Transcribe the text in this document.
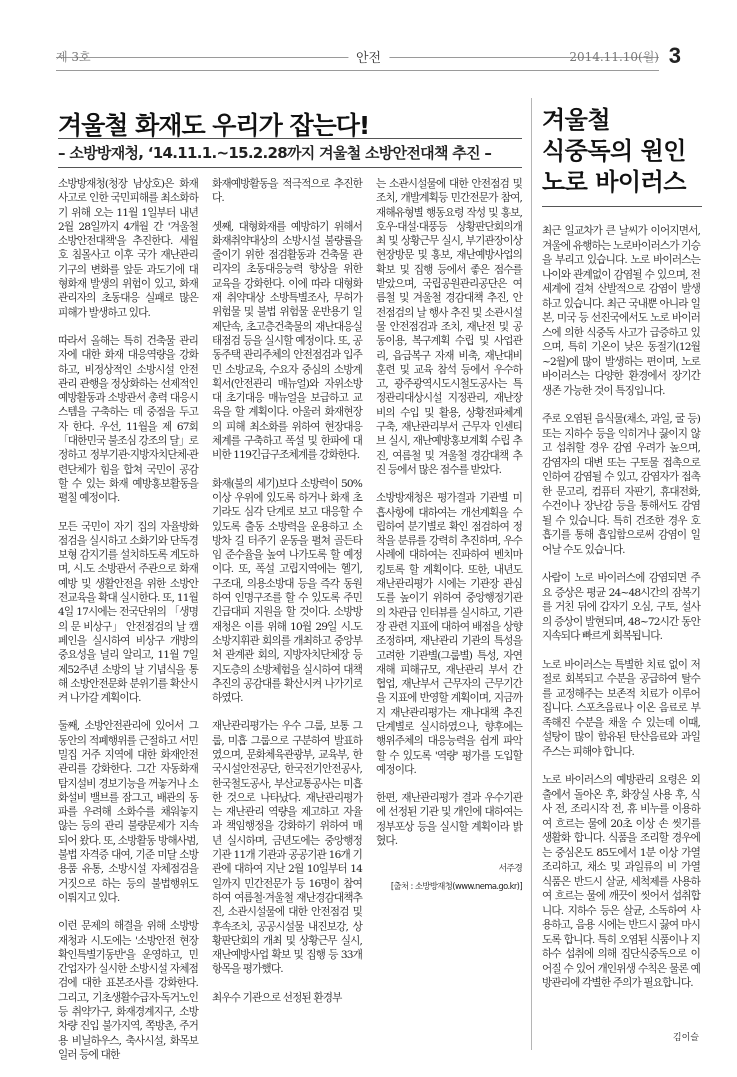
제 3호	안전	2014.11.10(월) 3
겨울철 화재도 우리가 잡는다!
– 소방방재청, ‘14.11.1.~15.2.28까지 겨울철 소방안전대책 추진 –

소방방재청(청장 남상호)은 화재 사고로 인한 국민피해를 최소화하기 위해 오는 11월 1일부터 내년 2월 28일까지 4개월 간 '겨울철 소방안전대책'을 추진한다. 세월호 침몰사고 이후 국가 재난관리기구의 변화를 앞둔 과도기에 대형화재 발생의 위험이 있고, 화재 관리자의 초동대응 실패로 많은 피해가 발생하고 있다.

따라서 올해는 특히 건축물 관리자에 대한 화재 대응역량을 강화하고, 비정상적인 소방시설 안전관리 관행을 정상화하는 선제적인 예방활동과 소방관서 총력 대응시스템을 구축하는 데 중점을 두고자 한다. 우선, 11월을 제 67회 「대한민국 불조심 강조의 달」로 정하고 정부기관·지방자치단체·관련단체가 힘을 합쳐 국민이 공감할 수 있는 화재 예방홍보활동을 펼칠 예정이다.

모든 국민이 자기 집의 자율방화점검을 실시하고 소화기와 단독경보형 감지기를 설치하도록 계도하며, 시.도 소방관서 주관으로 화재예방 및 생활안전을 위한 소방안전교육을 확대 실시한다. 또, 11월 4일 17시에는 전국단위의 「생명의 문 비상구」 안전점검의 날 캠페인을 실시하여 비상구 개방의 중요성을 널리 알리고, 11월 7일 제52주년 소방의 날 기념식을 통해 소방안전문화 분위기를 확산시켜 나가갈 계획이다.

둘째, 소방안전관리에 있어서 그동안의 적폐행위를 근절하고 서민 밀집 거주 지역에 대한 화재안전관리를 강화한다. 그간 자동화재탐지설비 경보기능을 꺼놓거나 소화설비 밸브를 잠그고, 배관의 동파를 우려해 소화수를 채워놓지 않는 등의 관리 불량문제가 지속되어 왔다. 또, 소방활동 방해사범, 불법 자격증 대여, 기준 미달 소방용품 유통, 소방시설 자체점검을 거짓으로 하는 등의 불법행위도 이뤄지고 있다.

이런 문제의 해결을 위해 소방방재청과 시.도에는 '소방안전 현장확인특별기동반'을 운영하고, 민간업자가 실시한 소방시설 자체점검에 대한 표본조사를 강화한다. 그리고, 기초생활수급자·독거노인 등 취약가구, 화재경계지구, 소방차량 진입 불가지역, 쪽방촌, 주거용 비닐하우스, 축사시설, 화목보일러 등에 대한

화재예방활동을 적극적으로 추진한다.

셋째, 대형화재를 예방하기 위해서 화재취약대상의 소방시설 불량률을 줄이기 위한 점검활동과 건축물 관리자의 초동대응능력 향상을 위한 교육을 강화한다. 이에 따라 대형화재 취약대상 소방특별조사, 무허가 위험물 및 불법 위험물 운반용기 일제단속, 초고층건축물의 재난대응실태점검 등을 실시할 예정이다. 또, 공동주택 관리주체의 안전점검과 입주민 소방교육, 수요자 중심의 소방계획서(안전관리 매뉴얼)와 자위소방대 초기대응 매뉴얼을 보급하고 교육을 할 계획이다. 아울러 화재현장의 피해 최소화를 위하여 현장대응체계를 구축하고 폭설 및 한파에 대비한 119긴급구조체계를 강화한다.

화재(불의 세기)보다 소방력이 50%이상 우위에 있도록 하거나 화재 초기라도 심각 단계로 보고 대응할 수 있도록 출동 소방력을 운용하고 소방차 길 터주기 운동을 펼쳐 골든타임 준수율을 높여 나가도록 할 예정이다. 또, 폭설 고립지역에는 헬기, 구조대, 의용소방대 등을 즉각 동원하여 인명구조를 할 수 있도록 주민긴급대피 지원을 할 것이다. 소방방재청은 이를 위해 10월 29일 시.도 소방지휘관 회의를 개최하고 중앙부처 관계관 회의, 지방자치단체장 등 지도층의 소방체험을 실시하여 대책추진의 공감대를 확산시켜 나가기로 하였다.

재난관리평가는 우수 그룹, 보통 그룹, 미흡 그룹으로 구분하여 발표하였으며, 문화체육관광부, 교육부, 한국시설안전공단, 한국전기안전공사, 한국철도공사, 부산교통공사는 미흡한 것으로 나타났다. 재난관리평가는 재난관리 역량을 제고하고 자율과 책임행정을 강화하기 위하여 매년 실시하며, 금년도에는 중앙행정기관 11개 기관과 공공기관 16개 기관에 대하여 지난 2월 10일부터 14일까지 민간전문가 등 16명이 참여하여 여름철·겨울철 재난경감대책추진, 소관시설물에 대한 안전점검 및 후속조치, 공공시설물 내진보강, 상황판단회의 개최 및 상황근무 실시, 재난예방사업 확보 및 집행 등 33개 항목을 평가했다.

최우수 기관으로 선정된 환경부

는 소관시설물에 대한 안전점검 및 조치, 개발계획등 민간전문가 참여, 재해유형별 행동요령 작성 및 홍보, 호우·대설·대풍등 상황판단회의개최 및 상황근무 실시, 부기관장이상 현장방문 및 홍보, 재난예방사업의 확보 및 집행 등에서 좋은 점수를 받았으며, 국립공원관리공단은 여름철 및 겨울철 경감대책 추진, 안전점검의 날 행사 추진 및 소관시설물 안전점검과 조치, 재난전 및 공동이용, 복구계획 수립 및 사업관리, 읍급복구 자재 비축, 재난대비 훈련 및 교육 참석 등에서 우수하고, 광주광역시도시철도공사는 특정관리대상시설 지정관리, 재난장비의 수입 및 활용, 상황전파체계 구축, 재난관리부서 근무자 인센티브 실시, 재난예방홍보계획 수립 추진, 여름철 및 겨울철 경감대책 추진 등에서 많은 점수를 받았다.

소방방재청은 평가결과 기관별 미흡사항에 대하여는 개선계획을 수립하여 분기별로 확인 점검하여 정착을 분류를 강력히 추진하며, 우수 사례에 대하여는 진파하여 벤치마킹토록 할 계획이다. 또한, 내년도 재난관리평가 시에는 기관장 관심도를 높이기 위하여 중앙행정기관의 차관급 인터뷰를 실시하고, 기관장 관련 지표에 대하여 배점을 상향 조정하며, 재난관리 기관의 특성을 고려한 기관별(그룹별) 특성, 자연재해 피해규모, 재난관리 부서 간 협업, 재난부서 근무자의 근무기간을 지표에 반영할 계획이며, 지금까지 재난관리평가는 재나대책 추진 단계별로 실시하였으나, 향후에는 행위주체의 대응능력을 쉽게 파악할 수 있도록 '역량' 평가를 도입할 예정이다.

한편, 재난관리평가 결과 우수기관에 선정된 기관 및 개인에 대하여는 정부포상 등을 실시할 계획이라 밝혔다.

서주경
[출처 : 소방방재청(www.nema.go.kr)]
겨울철
식중독의 원인
노로 바이러스

최근 일교차가 큰 날씨가 이어지면서, 겨울에 유행하는 노로바이러스가 기승을 부리고 있습니다. 노로 바이러스는 나이와 관계없이 감염될 수 있으며, 전세계에 걸쳐 산발적으로 감염이 발생하고 있습니다. 최근 국내뿐 아니라 일본, 미국 등 선진국에서도 노로 바이러스에 의한 식중독 사고가 급증하고 있으며, 특히 기온이 낮은 동절기(12월~2월)에 많이 발생하는 편이며, 노로 바이러스는 다양한 환경에서 장기간 생존 가능한 것이 특징입니다.

주로 오염된 음식물(채소, 과일, 굴 등) 또는 지하수 등을 익히거나 끓이지 않고 섭취할 경우 감염 우려가 높으며, 감염자의 대변 또는 구토물 접촉으로 인하여 감염될 수 있고, 감염자가 접촉한 문고리, 컴퓨터 자판기, 휴대전화, 수건이나 장난감 등을 통해서도 감염될 수 있습니다. 특히 건조한 경우 호흡기를 통해 흡입함으로써 감염이 일어날 수도 있습니다.

사람이 노로 바이러스에 감염되면 주요 증상은 평균 24~48시간의 잠복기를 거친 뒤에 갑자기 오심, 구토, 설사의 증상이 발현되며, 48~72시간 동안 지속되다 빠르게 회복됩니다.

노로 바이러스는 특별한 치료 없이 저절로 회복되고 수분을 공급하여 탈수를 교정해주는 보존적 치료가 이루어집니다. 스포츠음료나 이온 음료로 부족해진 수분을 채울 수 있는데 이때, 설탕이 많이 함유된 탄산음료와 과일주스는 피해야 합니다.

노로 바이러스의 예방관리 요령은 외출에서 돌아온 후, 화장실 사용 후, 식사 전, 조리시작 전, 휴 비누를 이용하여 흐르는 물에 20초 이상 손 씻기를 생활화 합니다. 식품을 조리할 경우에는 중심온도 85도에서 1분 이상 가열 조리하고, 채소 및 과일류의 비 가열 식품은 반드시 살균, 세척제를 사용하여 흐르는 물에 깨끗이 씻어서 섭취합니다. 지하수 등은 살균, 소독하여 사용하고, 음용 시에는 반드시 끓여 마시도록 합니다. 특히 오염된 식품이나 지하수 섭취에 의해 집단식중독으로 이어질 수 있어 개인위생 수칙은 물론 예방관리에 각별한 주의가 필요합니다.

김이슬
